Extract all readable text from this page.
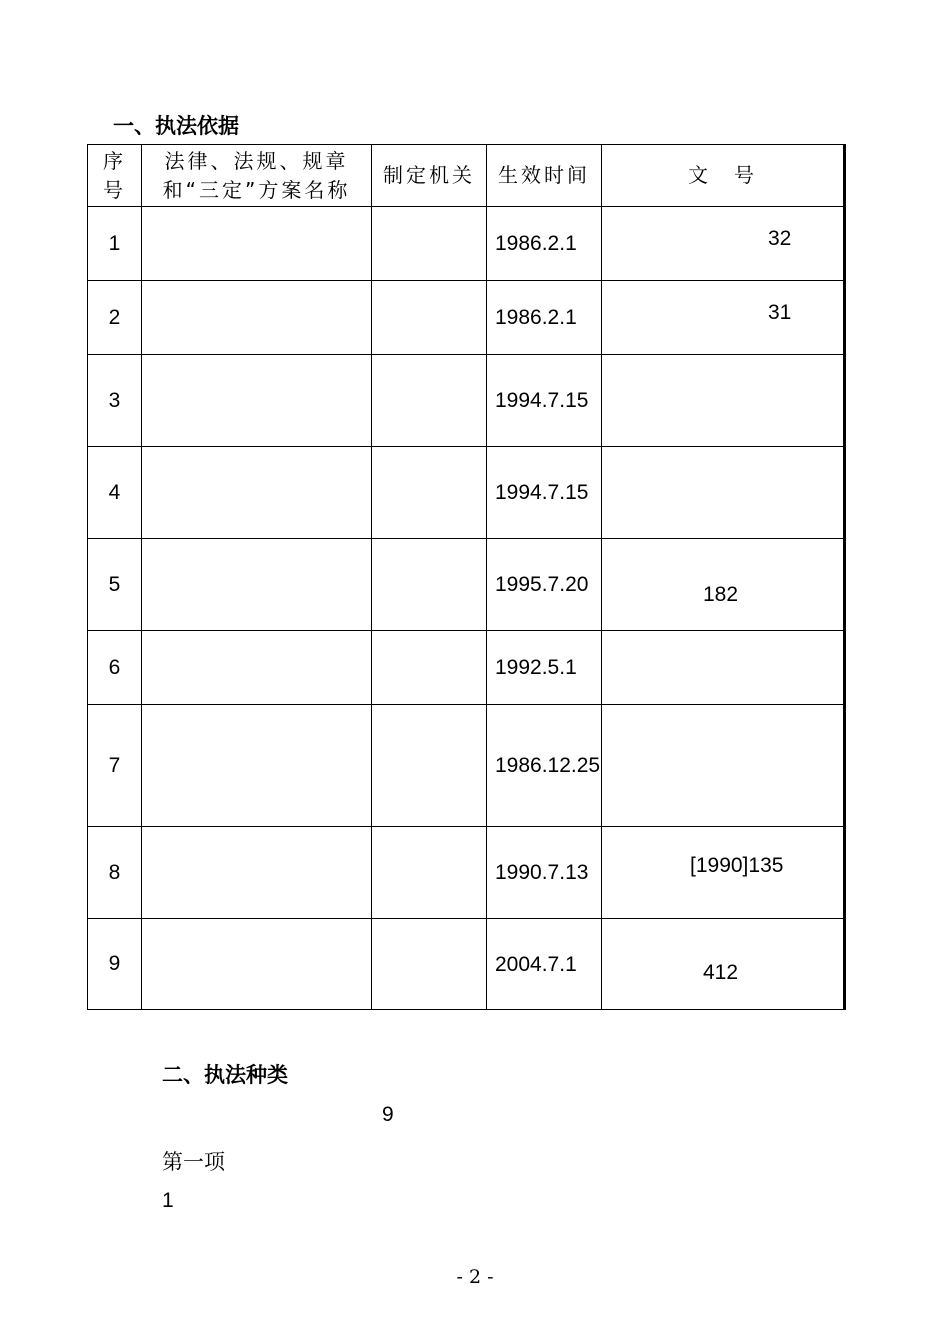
一、执法依据
序号	法律、法规、规章和“三定”方案名称	制定机关	生效时间	文　号
1			1986.2.1	32

2			1986.2.1	31

3			1994.7.15	
4			1994.7.15	
5			1995.7.20	182

6			1992.5.1	
7			1986.12.25	
8			1990.7.13	[1990]135

9			2004.7.1	412
二、执法种类
9
第一项
1
- 2 -
